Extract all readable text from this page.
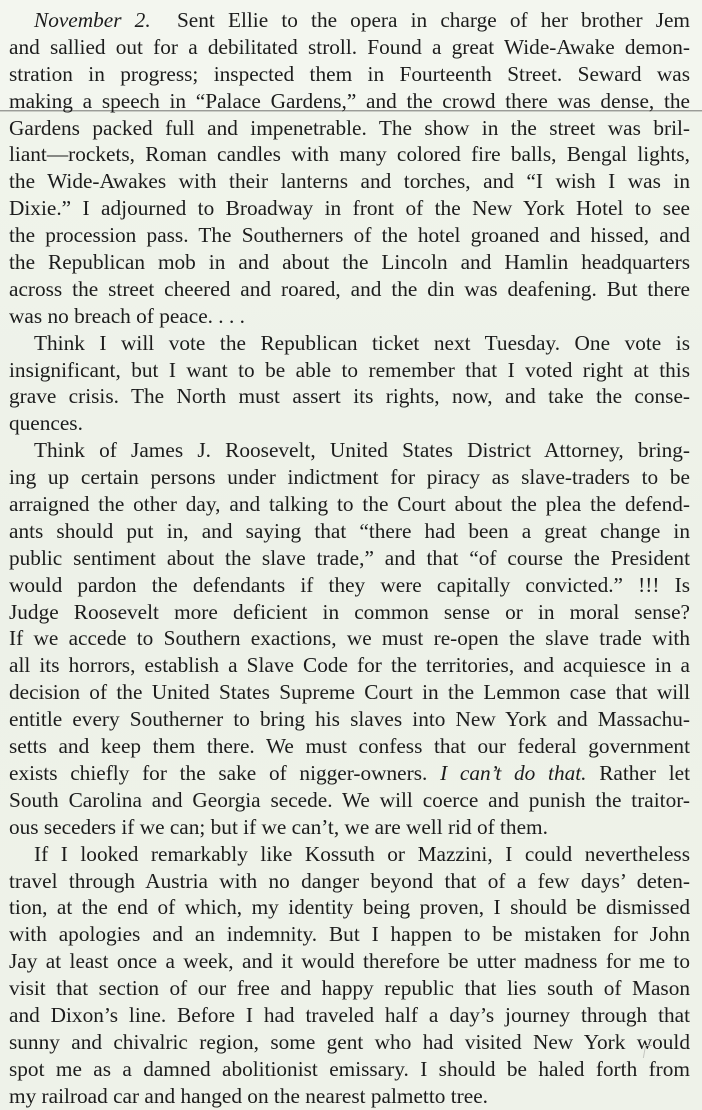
November 2. Sent Ellie to the opera in charge of her brother Jem
and sallied out for a debilitated stroll. Found a great Wide-Awake demon-
stration in progress; inspected them in Fourteenth Street. Seward was
making a speech in “Palace Gardens,” and the crowd there was dense, the
Gardens packed full and impenetrable. The show in the street was bril-
liant—rockets, Roman candles with many colored fire balls, Bengal lights,
the Wide-Awakes with their lanterns and torches, and “I wish I was in
Dixie.” I adjourned to Broadway in front of the New York Hotel to see
the procession pass. The Southerners of the hotel groaned and hissed, and
the Republican mob in and about the Lincoln and Hamlin headquarters
across the street cheered and roared, and the din was deafening. But there
was no breach of peace. . . .
Think I will vote the Republican ticket next Tuesday. One vote is
insignificant, but I want to be able to remember that I voted right at this
grave crisis. The North must assert its rights, now, and take the conse-
quences.
Think of James J. Roosevelt, United States District Attorney, bring-
ing up certain persons under indictment for piracy as slave-traders to be
arraigned the other day, and talking to the Court about the plea the defend-
ants should put in, and saying that “there had been a great change in
public sentiment about the slave trade,” and that “of course the President
would pardon the defendants if they were capitally convicted.” !!! Is
Judge Roosevelt more deficient in common sense or in moral sense?
If we accede to Southern exactions, we must re-open the slave trade with
all its horrors, establish a Slave Code for the territories, and acquiesce in a
decision of the United States Supreme Court in the Lemmon case that will
entitle every Southerner to bring his slaves into New York and Massachu-
setts and keep them there. We must confess that our federal government
exists chiefly for the sake of nigger-owners. I can’t do that. Rather let
South Carolina and Georgia secede. We will coerce and punish the traitor-
ous seceders if we can; but if we can’t, we are well rid of them.
If I looked remarkably like Kossuth or Mazzini, I could nevertheless
travel through Austria with no danger beyond that of a few days’ deten-
tion, at the end of which, my identity being proven, I should be dismissed
with apologies and an indemnity. But I happen to be mistaken for John
Jay at least once a week, and it would therefore be utter madness for me to
visit that section of our free and happy republic that lies south of Mason
and Dixon’s line. Before I had traveled half a day’s journey through that
sunny and chivalric region, some gent who had visited New York would
spot me as a damned abolitionist emissary. I should be haled forth from
my railroad car and hanged on the nearest palmetto tree.
